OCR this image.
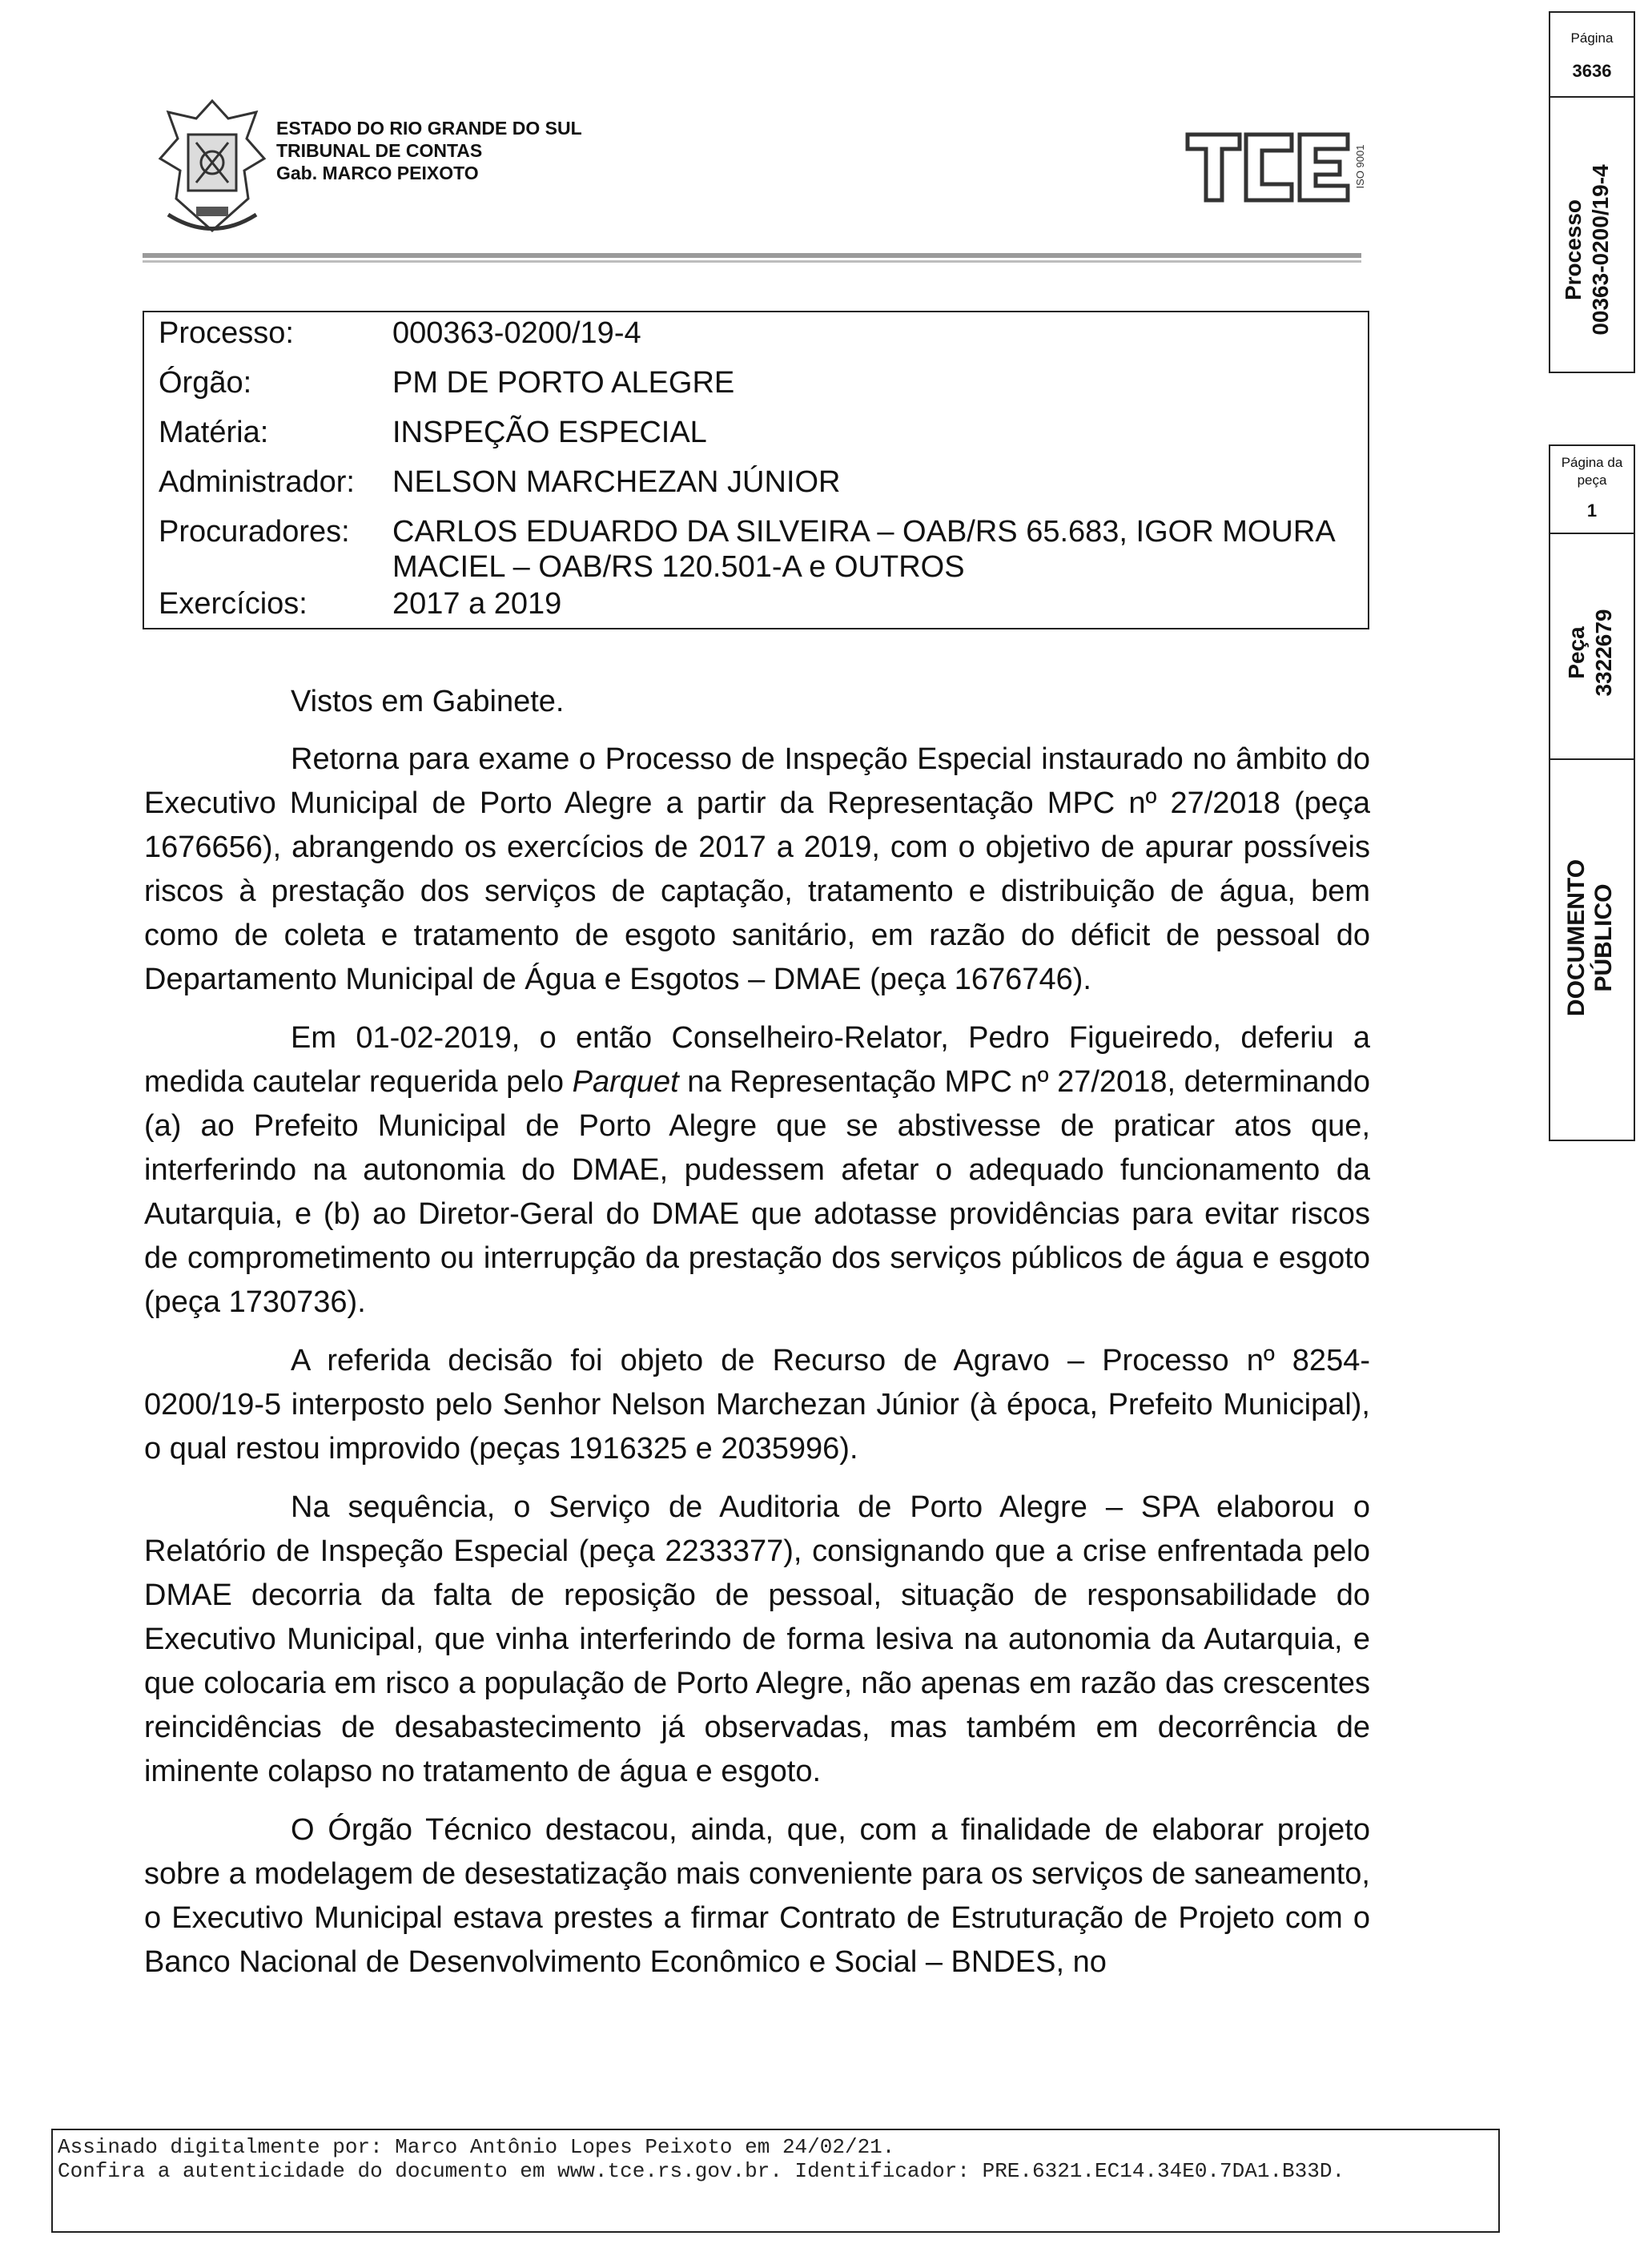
ESTADO DO RIO GRANDE DO SUL
TRIBUNAL DE CONTAS
Gab. MARCO PEIXOTO	ISO 9001
Processo:	000363-0200/19-4
Órgão:	PM DE PORTO ALEGRE
Matéria:	INSPEÇÃO ESPECIAL
Administrador: NELSON MARCHEZAN JÚNIOR
Procuradores: CARLOS EDUARDO DA SILVEIRA – OAB/RS 65.683, IGOR MOURA MACIEL – OAB/RS 120.501-A e OUTROS
Exercícios:	2017 a 2019
Vistos em Gabinete.

Retorna para exame o Processo de Inspeção Especial instaurado no âmbito do Executivo Municipal de Porto Alegre a partir da Representação MPC nº 27/2018 (peça 1676656), abrangendo os exercícios de 2017 a 2019, com o objetivo de apurar possíveis riscos à prestação dos serviços de captação, tratamento e distribuição de água, bem como de coleta e tratamento de esgoto sanitário, em razão do déficit de pessoal do Departamento Municipal de Água e Esgotos – DMAE (peça 1676746).

Em 01-02-2019, o então Conselheiro-Relator, Pedro Figueiredo, deferiu a medida cautelar requerida pelo Parquet na Representação MPC nº 27/2018, determinando (a) ao Prefeito Municipal de Porto Alegre que se abstivesse de praticar atos que, interferindo na autonomia do DMAE, pudessem afetar o adequado funcionamento da Autarquia, e (b) ao Diretor-Geral do DMAE que adotasse providências para evitar riscos de comprometimento ou interrupção da prestação dos serviços públicos de água e esgoto (peça 1730736).

A referida decisão foi objeto de Recurso de Agravo – Processo nº 8254-0200/19-5 interposto pelo Senhor Nelson Marchezan Júnior (à época, Prefeito Municipal), o qual restou improvido (peças 1916325 e 2035996).

Na sequência, o Serviço de Auditoria de Porto Alegre – SPA elaborou o Relatório de Inspeção Especial (peça 2233377), consignando que a crise enfrentada pelo DMAE decorria da falta de reposição de pessoal, situação de responsabilidade do Executivo Municipal, que vinha interferindo de forma lesiva na autonomia da Autarquia, e que colocaria em risco a população de Porto Alegre, não apenas em razão das crescentes reincidências de desabastecimento já observadas, mas também em decorrência de iminente colapso no tratamento de água e esgoto.

O Órgão Técnico destacou, ainda, que, com a finalidade de elaborar projeto sobre a modelagem de desestatização mais conveniente para os serviços de saneamento, o Executivo Municipal estava prestes a firmar Contrato de Estruturação de Projeto com o Banco Nacional de Desenvolvimento Econômico e Social – BNDES, no

Página
3636
Processo 00363-0200/19-4
Página da peça
1
Peça 3322679
DOCUMENTO PÚBLICO
Assinado digitalmente por: Marco Antônio Lopes Peixoto em 24/02/21.
Confira a autenticidade do documento em www.tce.rs.gov.br. Identificador: PRE.6321.EC14.34E0.7DA1.B33D.
